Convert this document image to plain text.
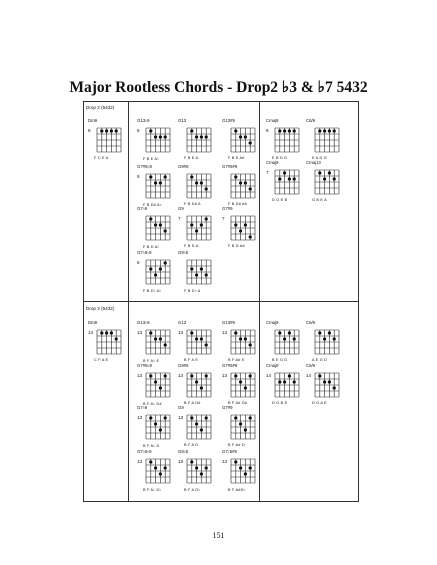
Major Rootless Chords - Drop2 ♭3 & ♭7 5432
Drop 2 (5432)
Drop 2 (5432)
Dm9
8
F C E A
G13♭9
8
F B E A♭
G13
F B E A
G13#9
F B E A#
Cmaj9
8
E B D G
C6/9
E A D G
G7#5♭9
8
F B D# A♭
G9#5
F B D# A
G7#5#9
F B D# A#
Cmaj9
7
D G E B
Cmaj13
G B E A
G7♭9
F B D A♭
G9
7
F B D A
G7#9
7
F B D A#
G7♭5♭9
6
F B D♭ A♭
G9♭5
F B D♭ A
Dm9
14
C F A E
G13♭9
13
B F A♭ E
G13
13
B F A E
G13#9
13
B F A# E
Cmaj9
B E G D
C6/9
A E G D
G7#5♭9
13
B F A♭ D#
G9#5
13
B F A D#
G7#5#9
13
B F A# D#
Cmaj9
14
D G B E
C6/9
14
D G A E
G7♭9
13
B F A♭ D
G9
13
B F A D
G7#9
B F A# D
G7♭5♭9
13
B F A♭ D♭
G9♭5
13
B F A D♭
G7♭5#9
13
B F A#D♭
151
